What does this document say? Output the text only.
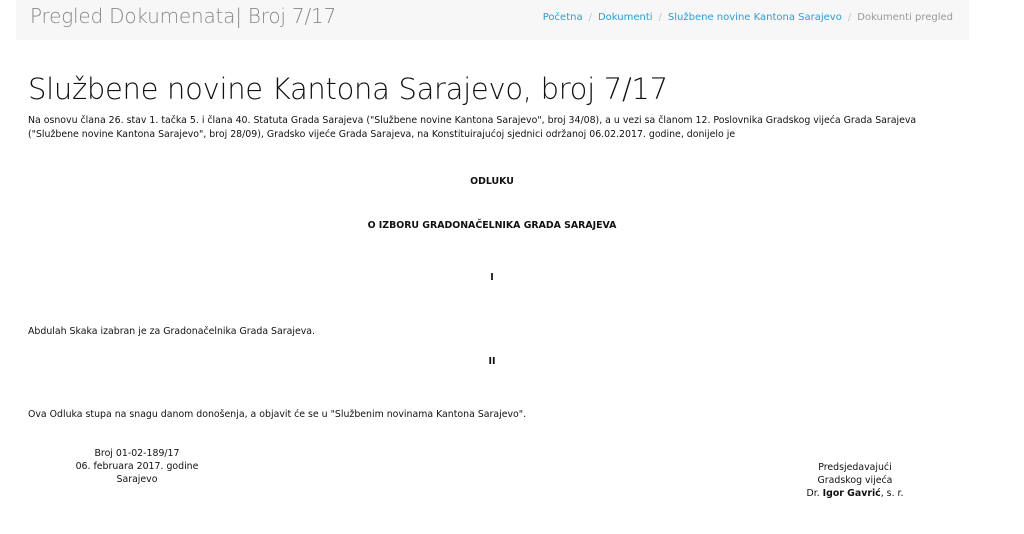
Pregled Dokumenata| Broj 7/17	Početna / Dokumenti / Službene novine Kantona Sarajevo / Dokumenti pregled
Službene novine Kantona Sarajevo, broj 7/17

Na osnovu člana 26. stav 1. tačka 5. i člana 40. Statuta Grada Sarajeva ("Službene novine Kantona Sarajevo", broj 34/08), a u vezi sa članom 12. Poslovnika Gradskog vijeća Grada Sarajeva ("Službene novine Kantona Sarajevo", broj 28/09), Gradsko vijeće Grada Sarajeva, na Konstituirajućoj sjednici održanoj 06.02.2017. godine, donijelo je

ODLUKU
O IZBORU GRADONAČELNIKA GRADA SARAJEVA
I
Abdulah Skaka izabran je za Gradonačelnika Grada Sarajeva.
II
Ova Odluka stupa na snagu danom donošenja, a objavit će se u "Službenim novinama Kantona Sarajevo".
Broj 01-02-189/17
06. februara 2017. godine
Sarajevo
Predsjedavajući
Gradskog vijeća
Dr. Igor Gavrić, s. r.
